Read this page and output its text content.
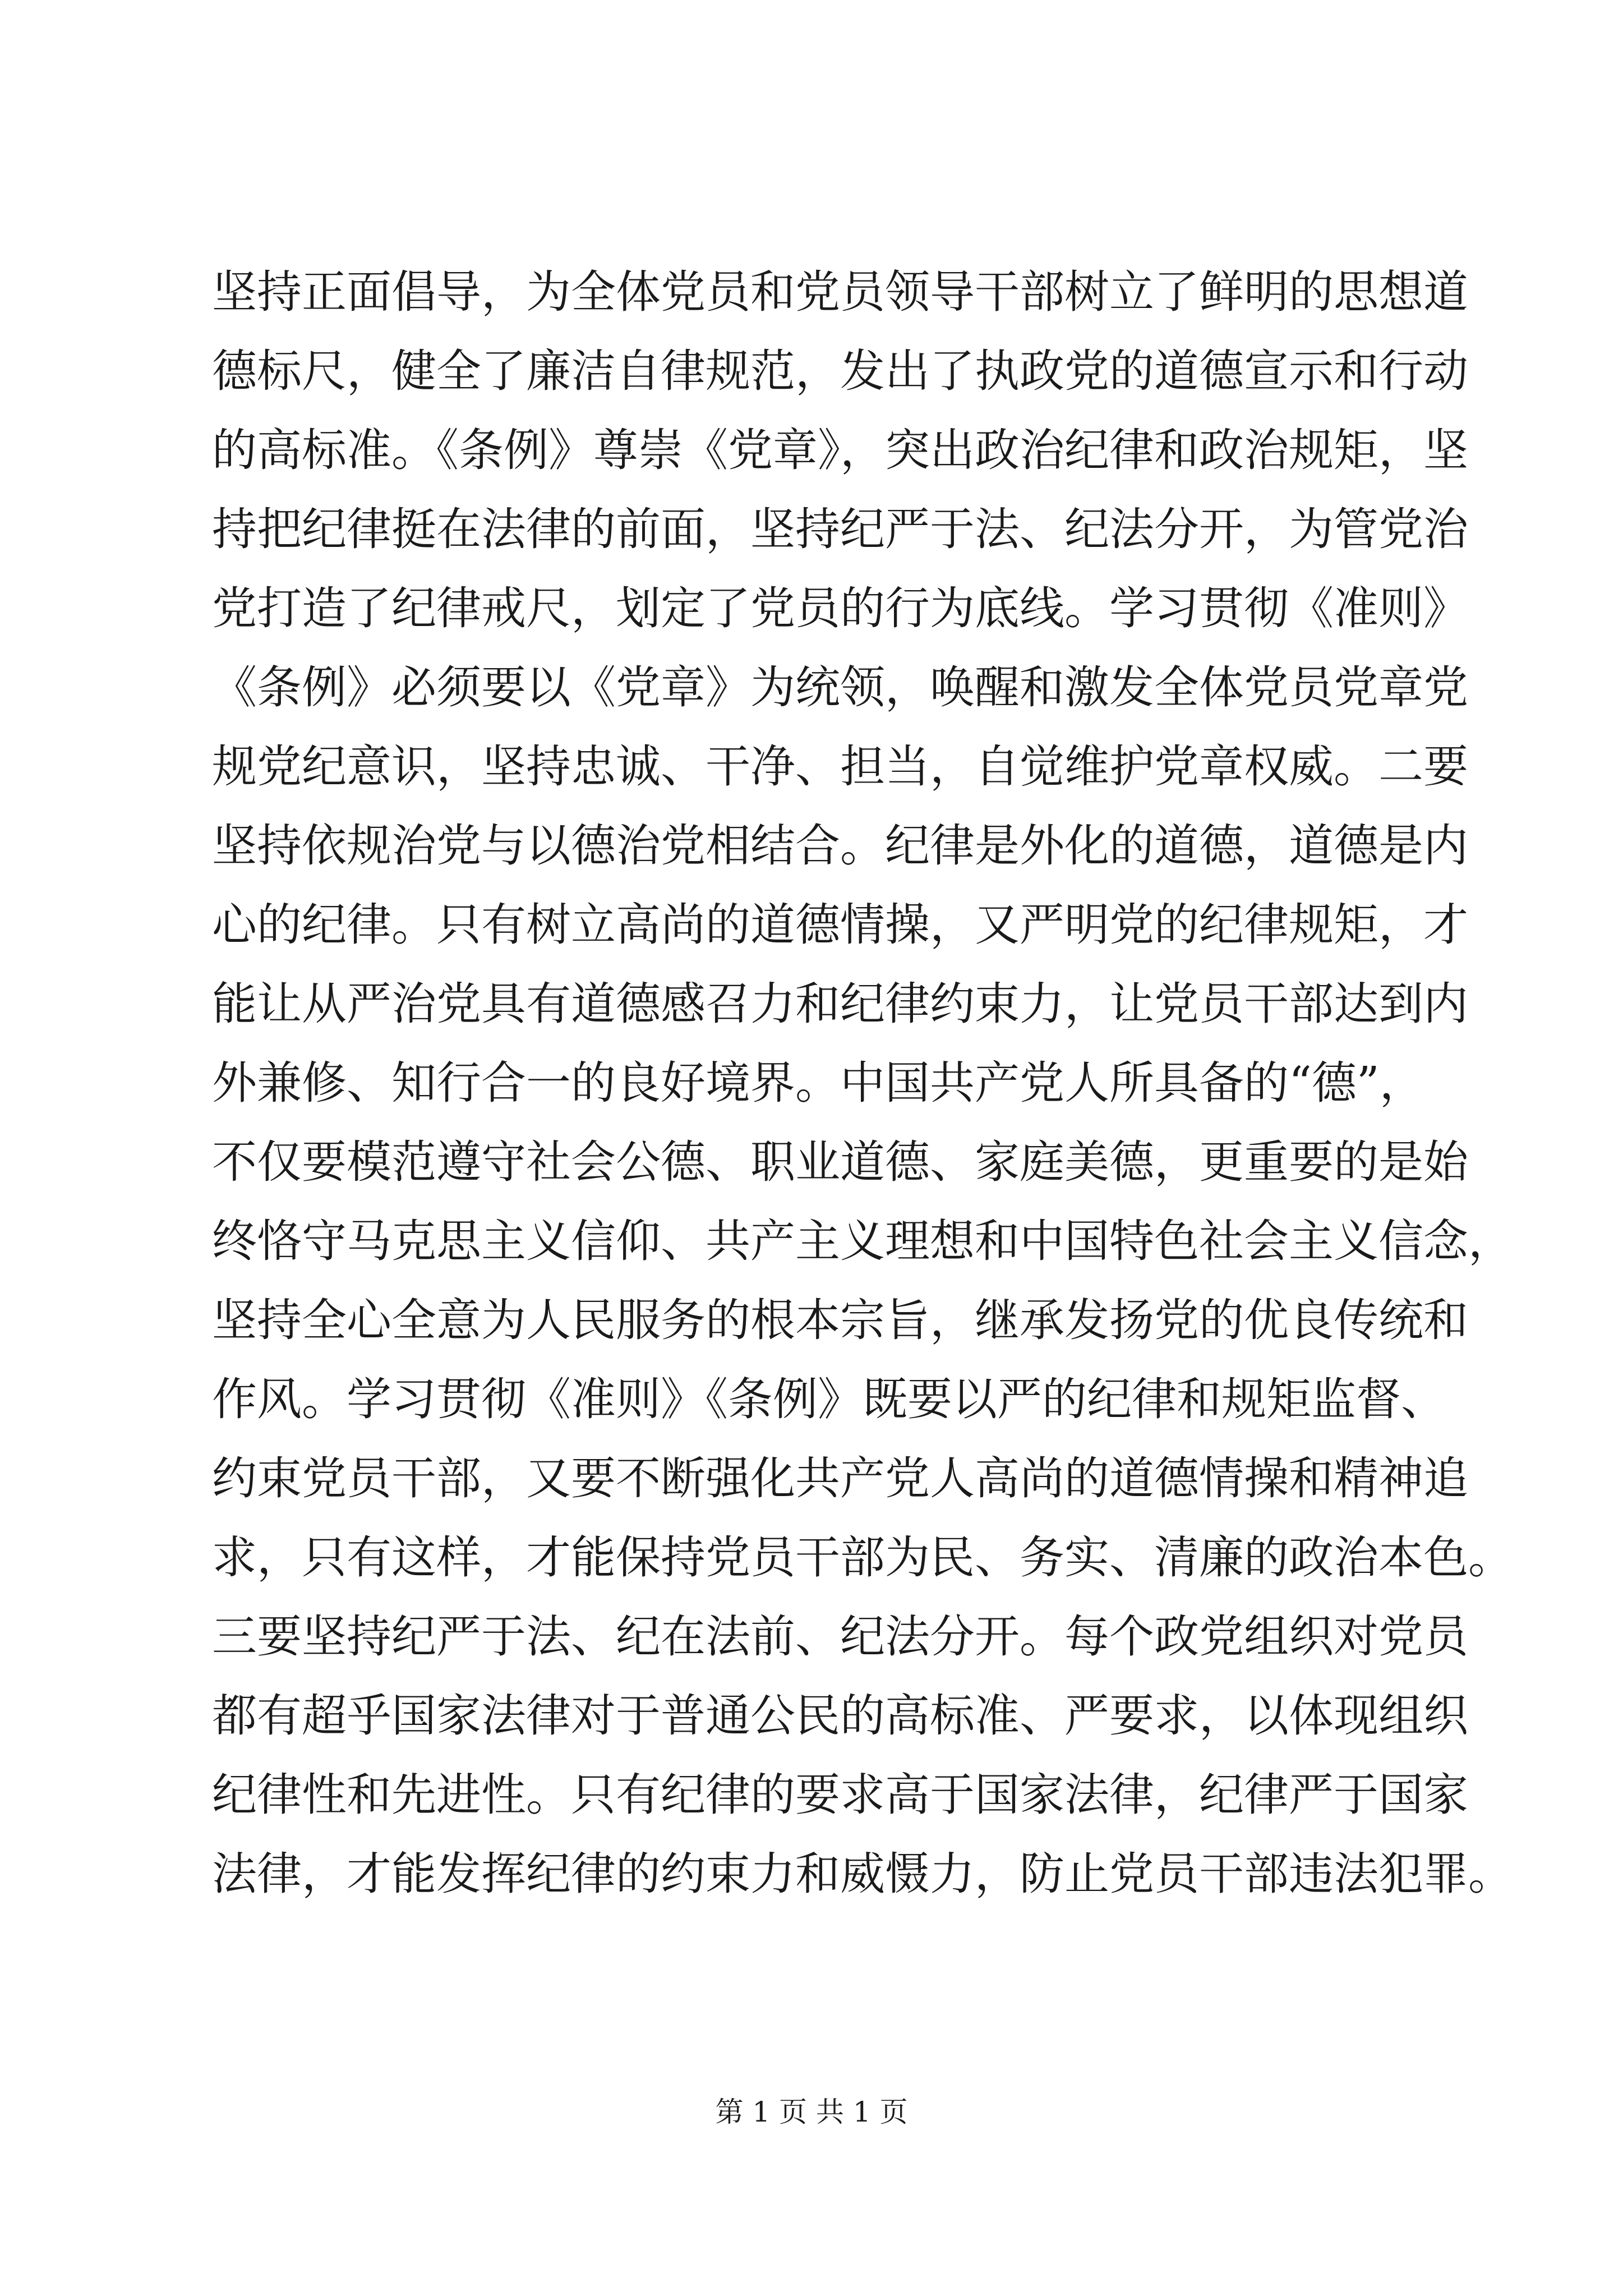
坚持正面倡导，为全体党员和党员领导干部树立了鲜明的思想道
德标尺，健全了廉洁自律规范，发出了执政党的道德宣示和行动
的高标准。《条例》尊崇《党章》，突出政治纪律和政治规矩，坚
持把纪律挺在法律的前面，坚持纪严于法、纪法分开，为管党治
党打造了纪律戒尺，划定了党员的行为底线。学习贯彻《准则》
《条例》必须要以《党章》为统领，唤醒和激发全体党员党章党
规党纪意识，坚持忠诚、干净、担当，自觉维护党章权威。二要
坚持依规治党与以德治党相结合。纪律是外化的道德，道德是内
心的纪律。只有树立高尚的道德情操，又严明党的纪律规矩，才
能让从严治党具有道德感召力和纪律约束力，让党员干部达到内
外兼修、知行合一的良好境界。中国共产党人所具备的“德”，
不仅要模范遵守社会公德、职业道德、家庭美德，更重要的是始
终恪守马克思主义信仰、共产主义理想和中国特色社会主义信念，
坚持全心全意为人民服务的根本宗旨，继承发扬党的优良传统和
作风。学习贯彻《准则》《条例》既要以严的纪律和规矩监督、
约束党员干部，又要不断强化共产党人高尚的道德情操和精神追
求，只有这样，才能保持党员干部为民、务实、清廉的政治本色。
三要坚持纪严于法、纪在法前、纪法分开。每个政党组织对党员
都有超乎国家法律对于普通公民的高标准、严要求，以体现组织
纪律性和先进性。只有纪律的要求高于国家法律，纪律严于国家
法律，才能发挥纪律的约束力和威慑力，防止党员干部违法犯罪。
第 1 页 共 1 页
